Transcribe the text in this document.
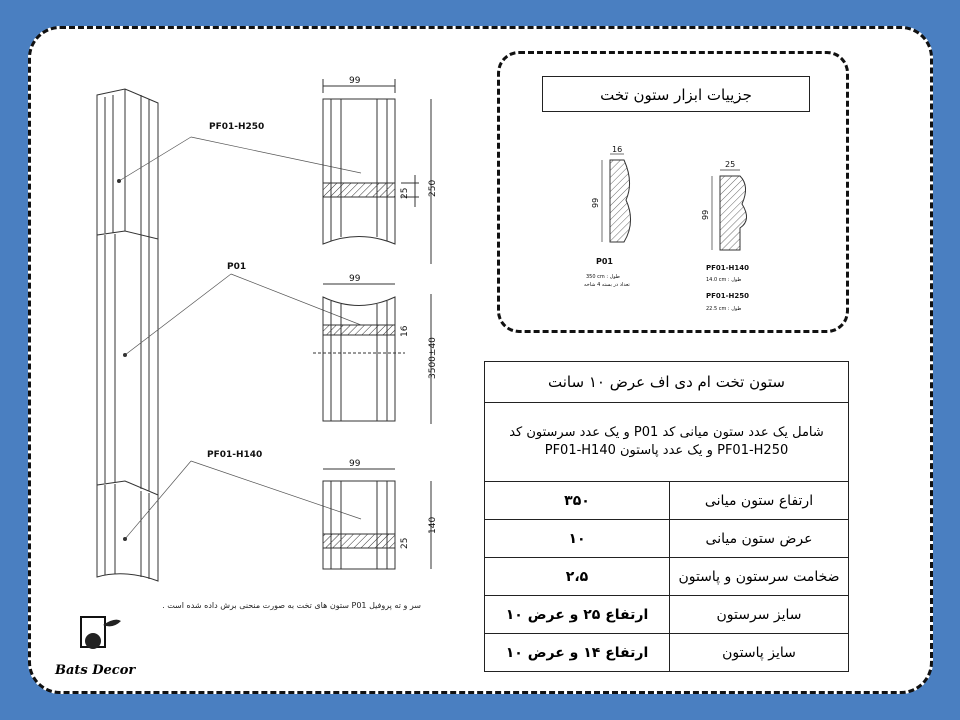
PF01-H250
P01
PF01-H140
99
99
99
250
3500±40
140
25
16
25
سر و ته پروفیل P01 ستون های تخت به صورت منحنی برش داده شده است .
Bats Decor
جزییات ابزار ستون تخت
16
99
P01
350 cm : طول
تعداد در بسته 4 شاخه
25
99
PF01-H140
14.0 cm : طول
PF01-H250
22.5 cm : طول
ستون تخت ام دی اف عرض ۱۰ سانت	
شامل یک عدد ستون میانی کد P01 و یک عدد سرستون کد PF01-H250 و یک عدد پاستون PF01-H140	
ارتفاع ستون میانی	۳۵۰
عرض ستون میانی	۱۰
ضخامت سرستون و پاستون	۲،۵
سایز سرستون	ارتفاع ۲۵ و عرض ۱۰
سایز پاستون	ارتفاع ۱۴ و عرض ۱۰
